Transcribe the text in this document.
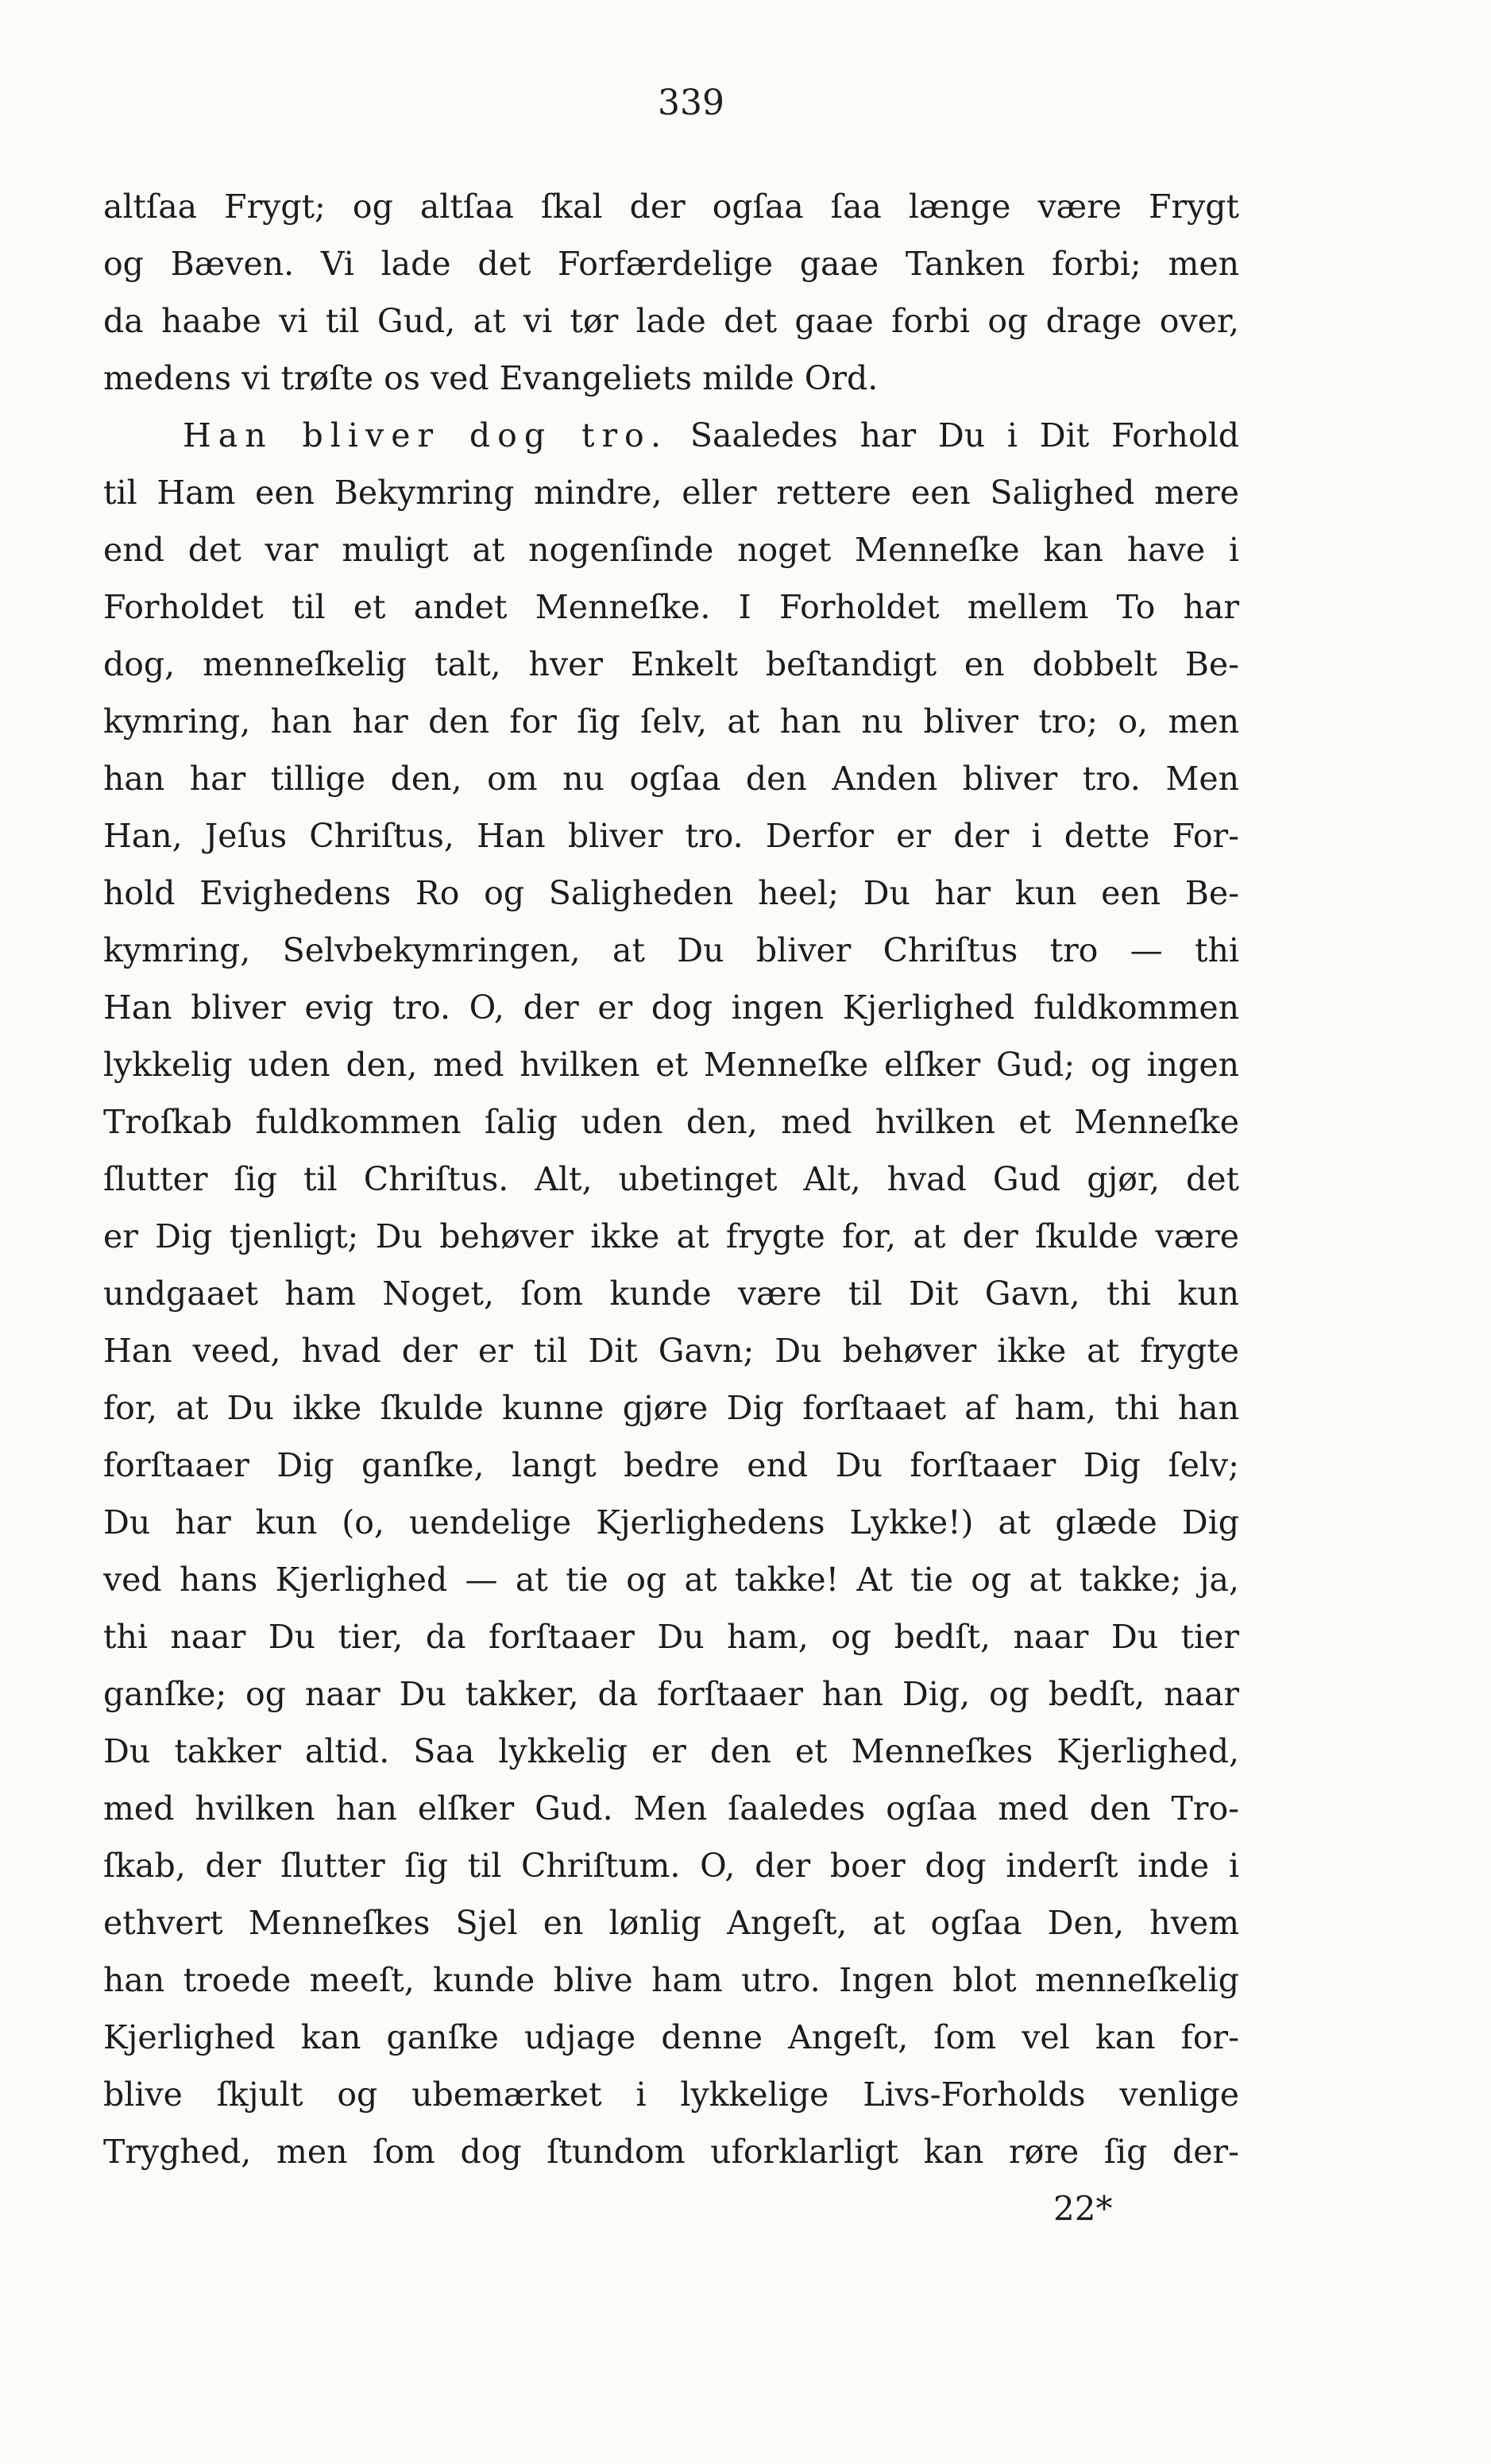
339
altſaa Frygt; og altſaa ſkal der ogſaa ſaa længe være Frygt
og Bæven. Vi lade det Forfærdelige gaae Tanken forbi; men
da haabe vi til Gud, at vi tør lade det gaae forbi og drage over,
medens vi trøſte os ved Evangeliets milde Ord.
Han bliver dog tro. Saaledes har Du i Dit Forhold
til Ham een Bekymring mindre, eller rettere een Salighed mere
end det var muligt at nogenſinde noget Menneſke kan have i
Forholdet til et andet Menneſke. I Forholdet mellem To har
dog, menneſkelig talt, hver Enkelt beſtandigt en dobbelt Be-
kymring, han har den for ſig ſelv, at han nu bliver tro; o, men
han har tillige den, om nu ogſaa den Anden bliver tro. Men
Han, Jeſus Chriſtus, Han bliver tro. Derfor er der i dette For-
hold Evighedens Ro og Saligheden heel; Du har kun een Be-
kymring, Selvbekymringen, at Du bliver Chriſtus tro — thi
Han bliver evig tro. O, der er dog ingen Kjerlighed fuldkommen
lykkelig uden den, med hvilken et Menneſke elſker Gud; og ingen
Troſkab fuldkommen ſalig uden den, med hvilken et Menneſke
ſlutter ſig til Chriſtus. Alt, ubetinget Alt, hvad Gud gjør, det
er Dig tjenligt; Du behøver ikke at frygte for, at der ſkulde være
undgaaet ham Noget, ſom kunde være til Dit Gavn, thi kun
Han veed, hvad der er til Dit Gavn; Du behøver ikke at frygte
for, at Du ikke ſkulde kunne gjøre Dig forſtaaet af ham, thi han
forſtaaer Dig ganſke, langt bedre end Du forſtaaer Dig ſelv;
Du har kun (o, uendelige Kjerlighedens Lykke!) at glæde Dig
ved hans Kjerlighed — at tie og at takke! At tie og at takke; ja,
thi naar Du tier, da forſtaaer Du ham, og bedſt, naar Du tier
ganſke; og naar Du takker, da forſtaaer han Dig, og bedſt, naar
Du takker altid. Saa lykkelig er den et Menneſkes Kjerlighed,
med hvilken han elſker Gud. Men ſaaledes ogſaa med den Tro-
ſkab, der ſlutter ſig til Chriſtum. O, der boer dog inderſt inde i
ethvert Menneſkes Sjel en lønlig Angeſt, at ogſaa Den, hvem
han troede meeſt, kunde blive ham utro. Ingen blot menneſkelig
Kjerlighed kan ganſke udjage denne Angeſt, ſom vel kan for-
blive ſkjult og ubemærket i lykkelige Livs-Forholds venlige
Tryghed, men ſom dog ſtundom uforklarligt kan røre ſig der-
22*
